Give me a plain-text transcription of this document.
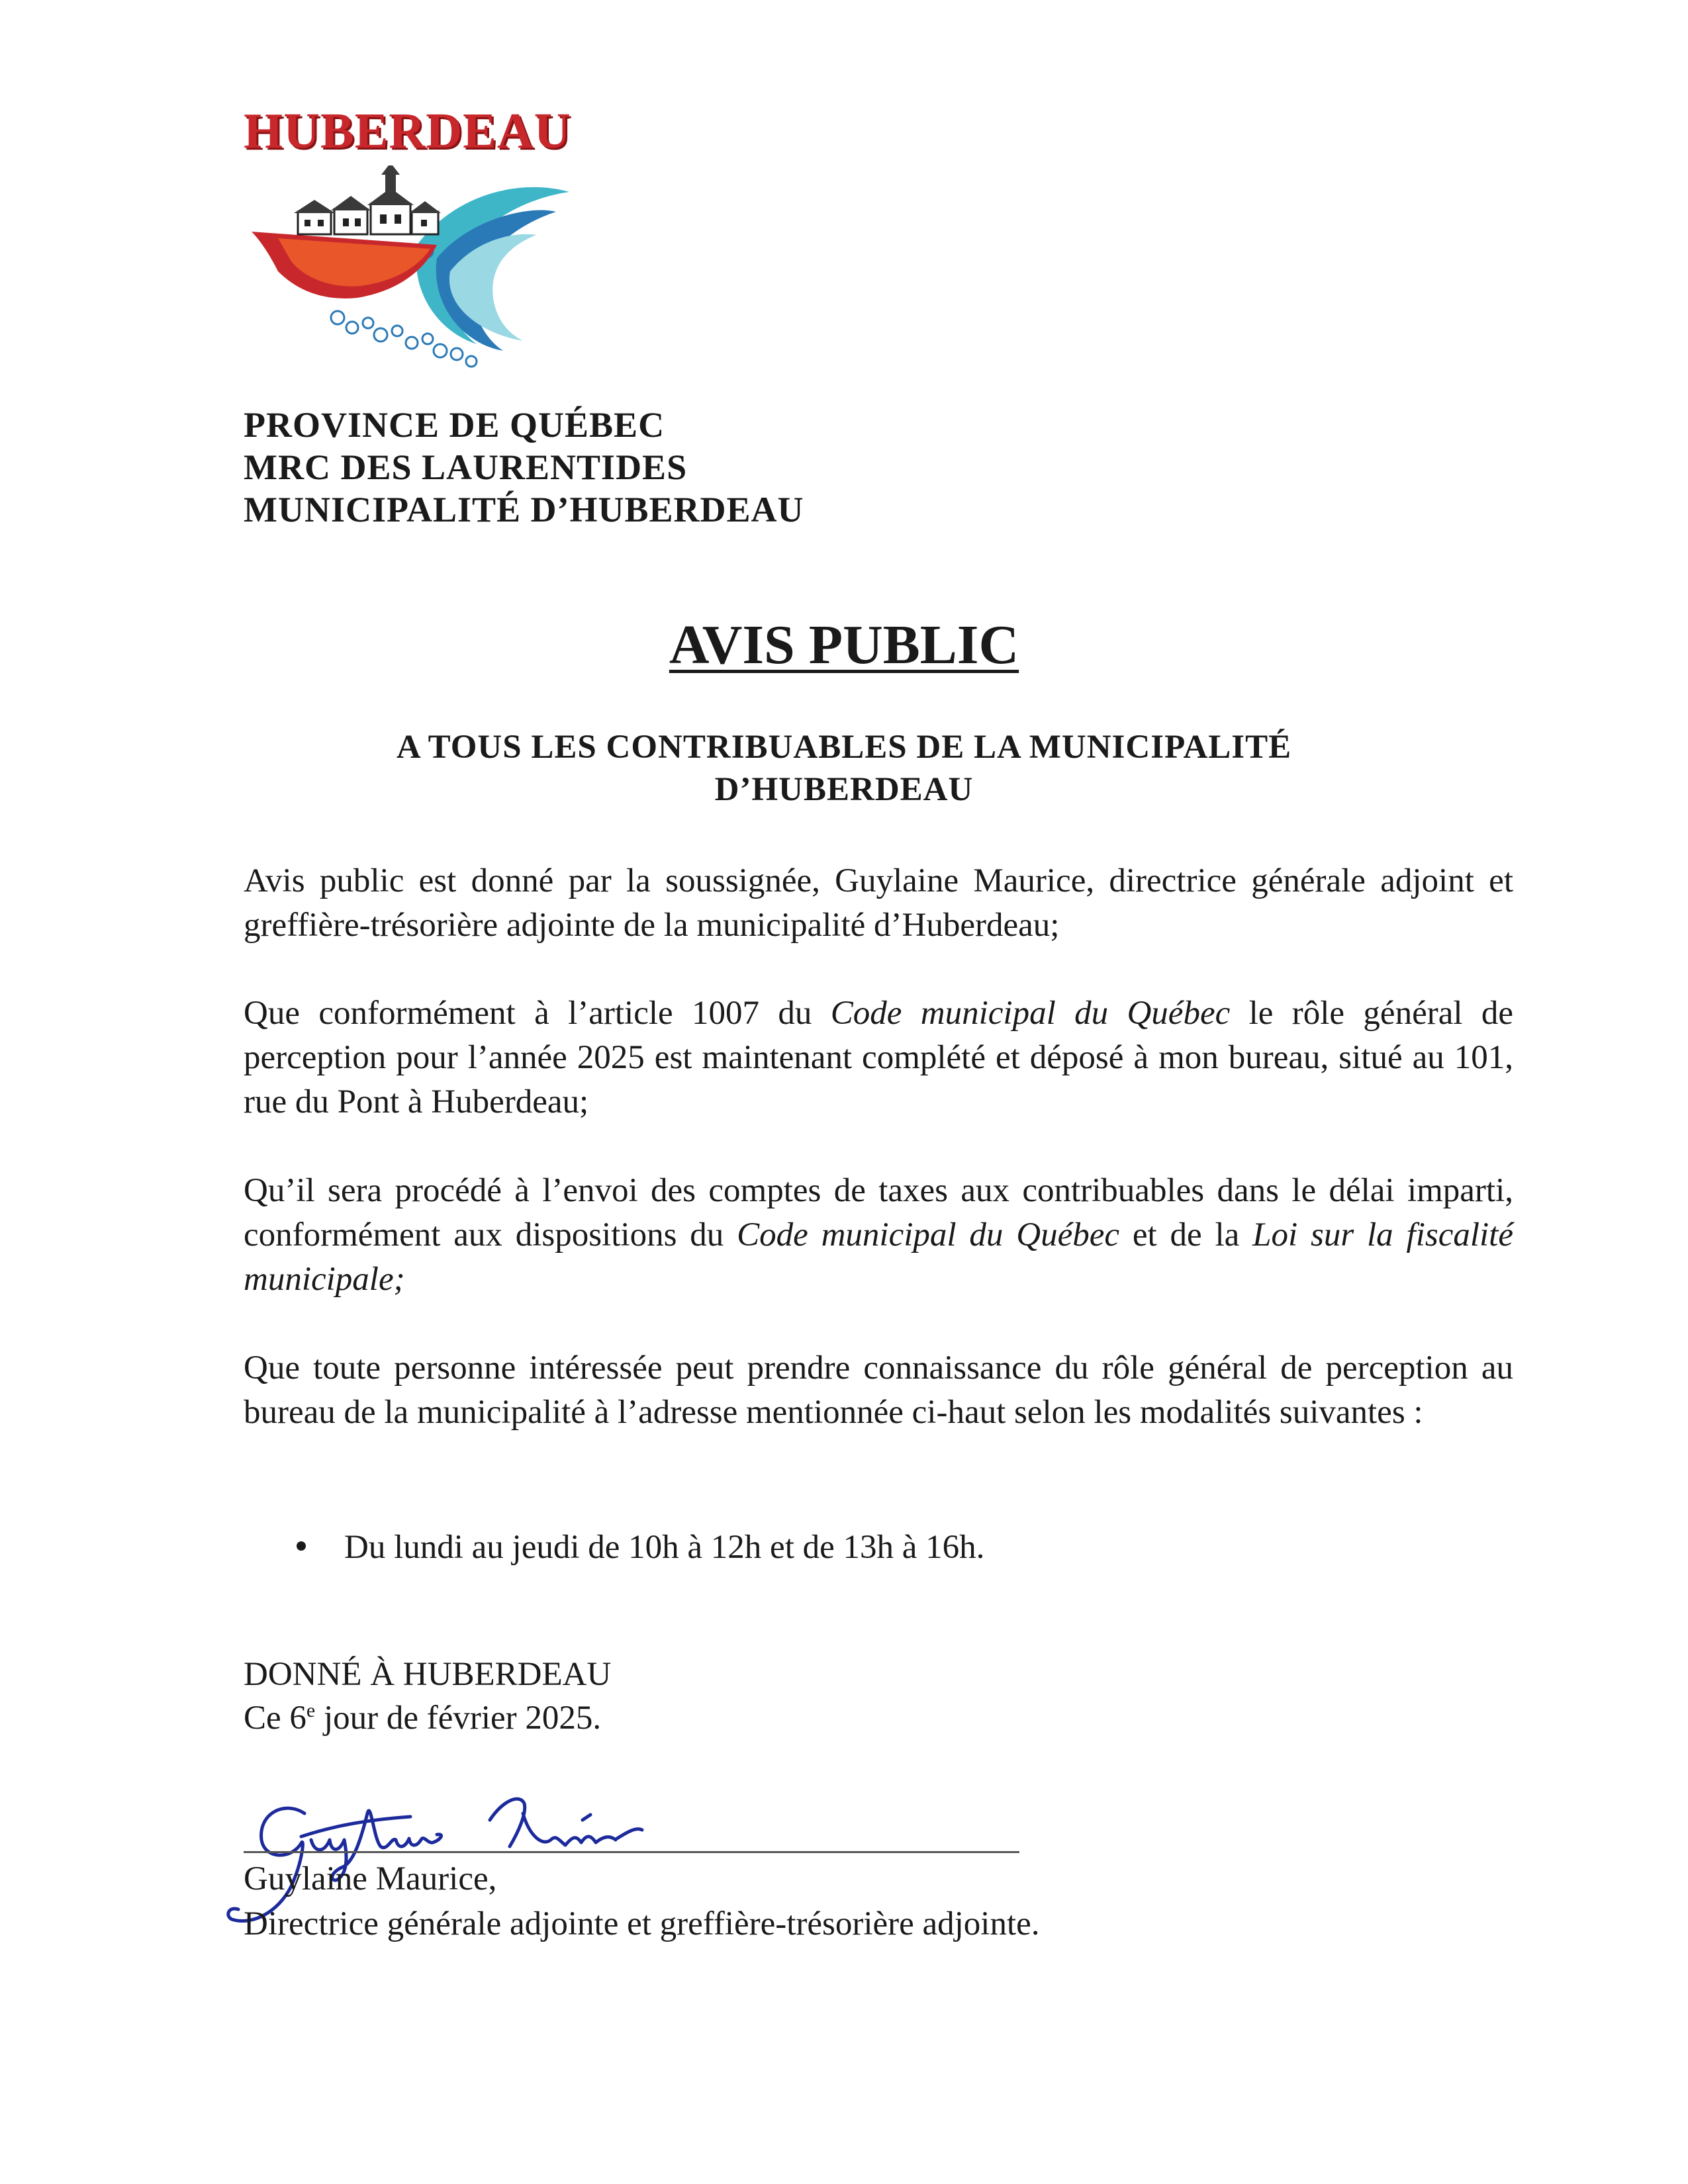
HUBERDEAU
PROVINCE DE QUÉBEC
MRC DES LAURENTIDES
MUNICIPALITÉ D’HUBERDEAU
AVIS PUBLIC
A TOUS LES CONTRIBUABLES DE LA MUNICIPALITÉ
D’HUBERDEAU
Avis public est donné par la soussignée, Guylaine Maurice, directrice générale adjoint et greffière-trésorière adjointe de la municipalité d’Huberdeau;
Que conformément à l’article 1007 du Code municipal du Québec le rôle général de perception pour l’année 2025 est maintenant complété et déposé à mon bureau, situé au 101, rue du Pont à Huberdeau;
Qu’il sera procédé à l’envoi des comptes de taxes aux contribuables dans le délai imparti, conformément aux dispositions du Code municipal du Québec et de la Loi sur la fiscalité municipale;
Que toute personne intéressée peut prendre connaissance du rôle général de perception au bureau de la municipalité à l’adresse mentionnée ci-haut selon les modalités suivantes :
Du lundi au jeudi de 10h à 12h et de 13h à 16h.
DONNÉ À HUBERDEAU
Ce 6e jour de février 2025.
Guylaine Maurice,
Directrice générale adjointe et greffière-trésorière adjointe.
